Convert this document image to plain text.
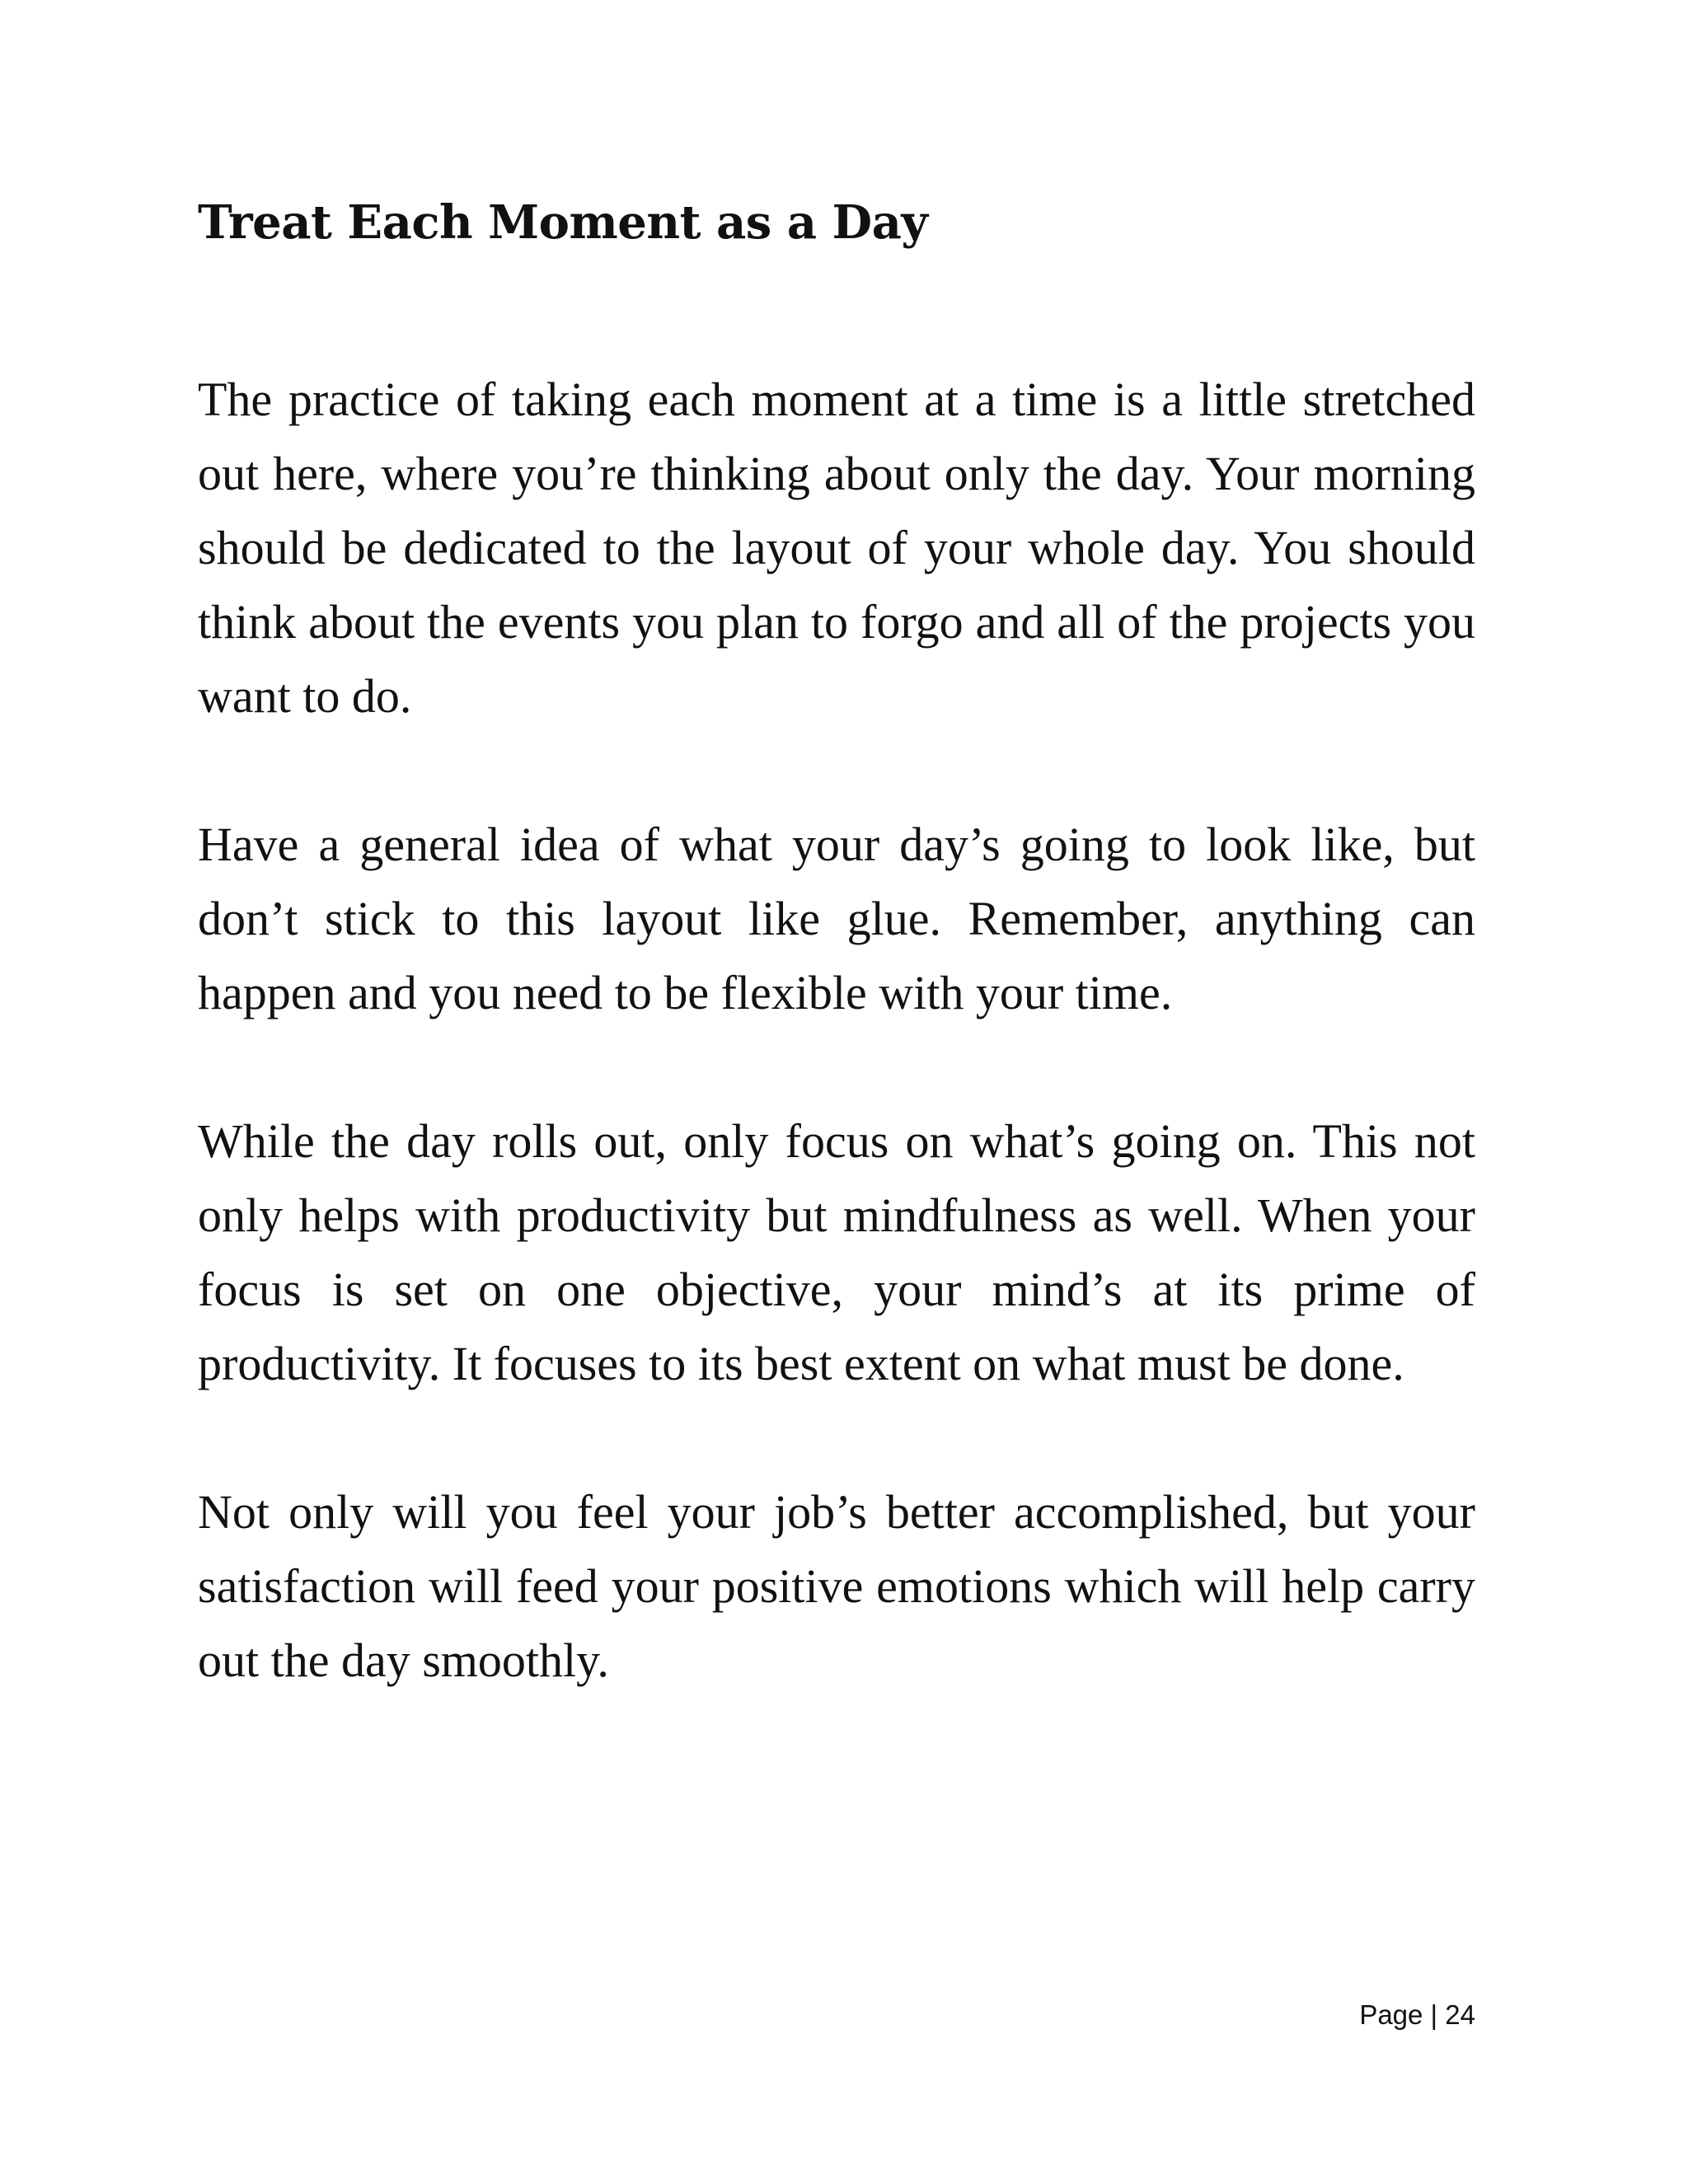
Treat Each Moment as a Day

The practice of taking each moment at a time is a little stretched out here, where you’re thinking about only the day. Your morning should be dedicated to the layout of your whole day. You should think about the events you plan to forgo and all of the projects you want to do.

Have a general idea of what your day’s going to look like, but don’t stick to this layout like glue. Remember, anything can happen and you need to be flexible with your time.

While the day rolls out, only focus on what’s going on. This not only helps with productivity but mindfulness as well. When your focus is set on one objective, your mind’s at its prime of productivity. It focuses to its best extent on what must be done.

Not only will you feel your job’s better accomplished, but your satisfaction will feed your positive emotions which will help carry out the day smoothly.

Page | 24
